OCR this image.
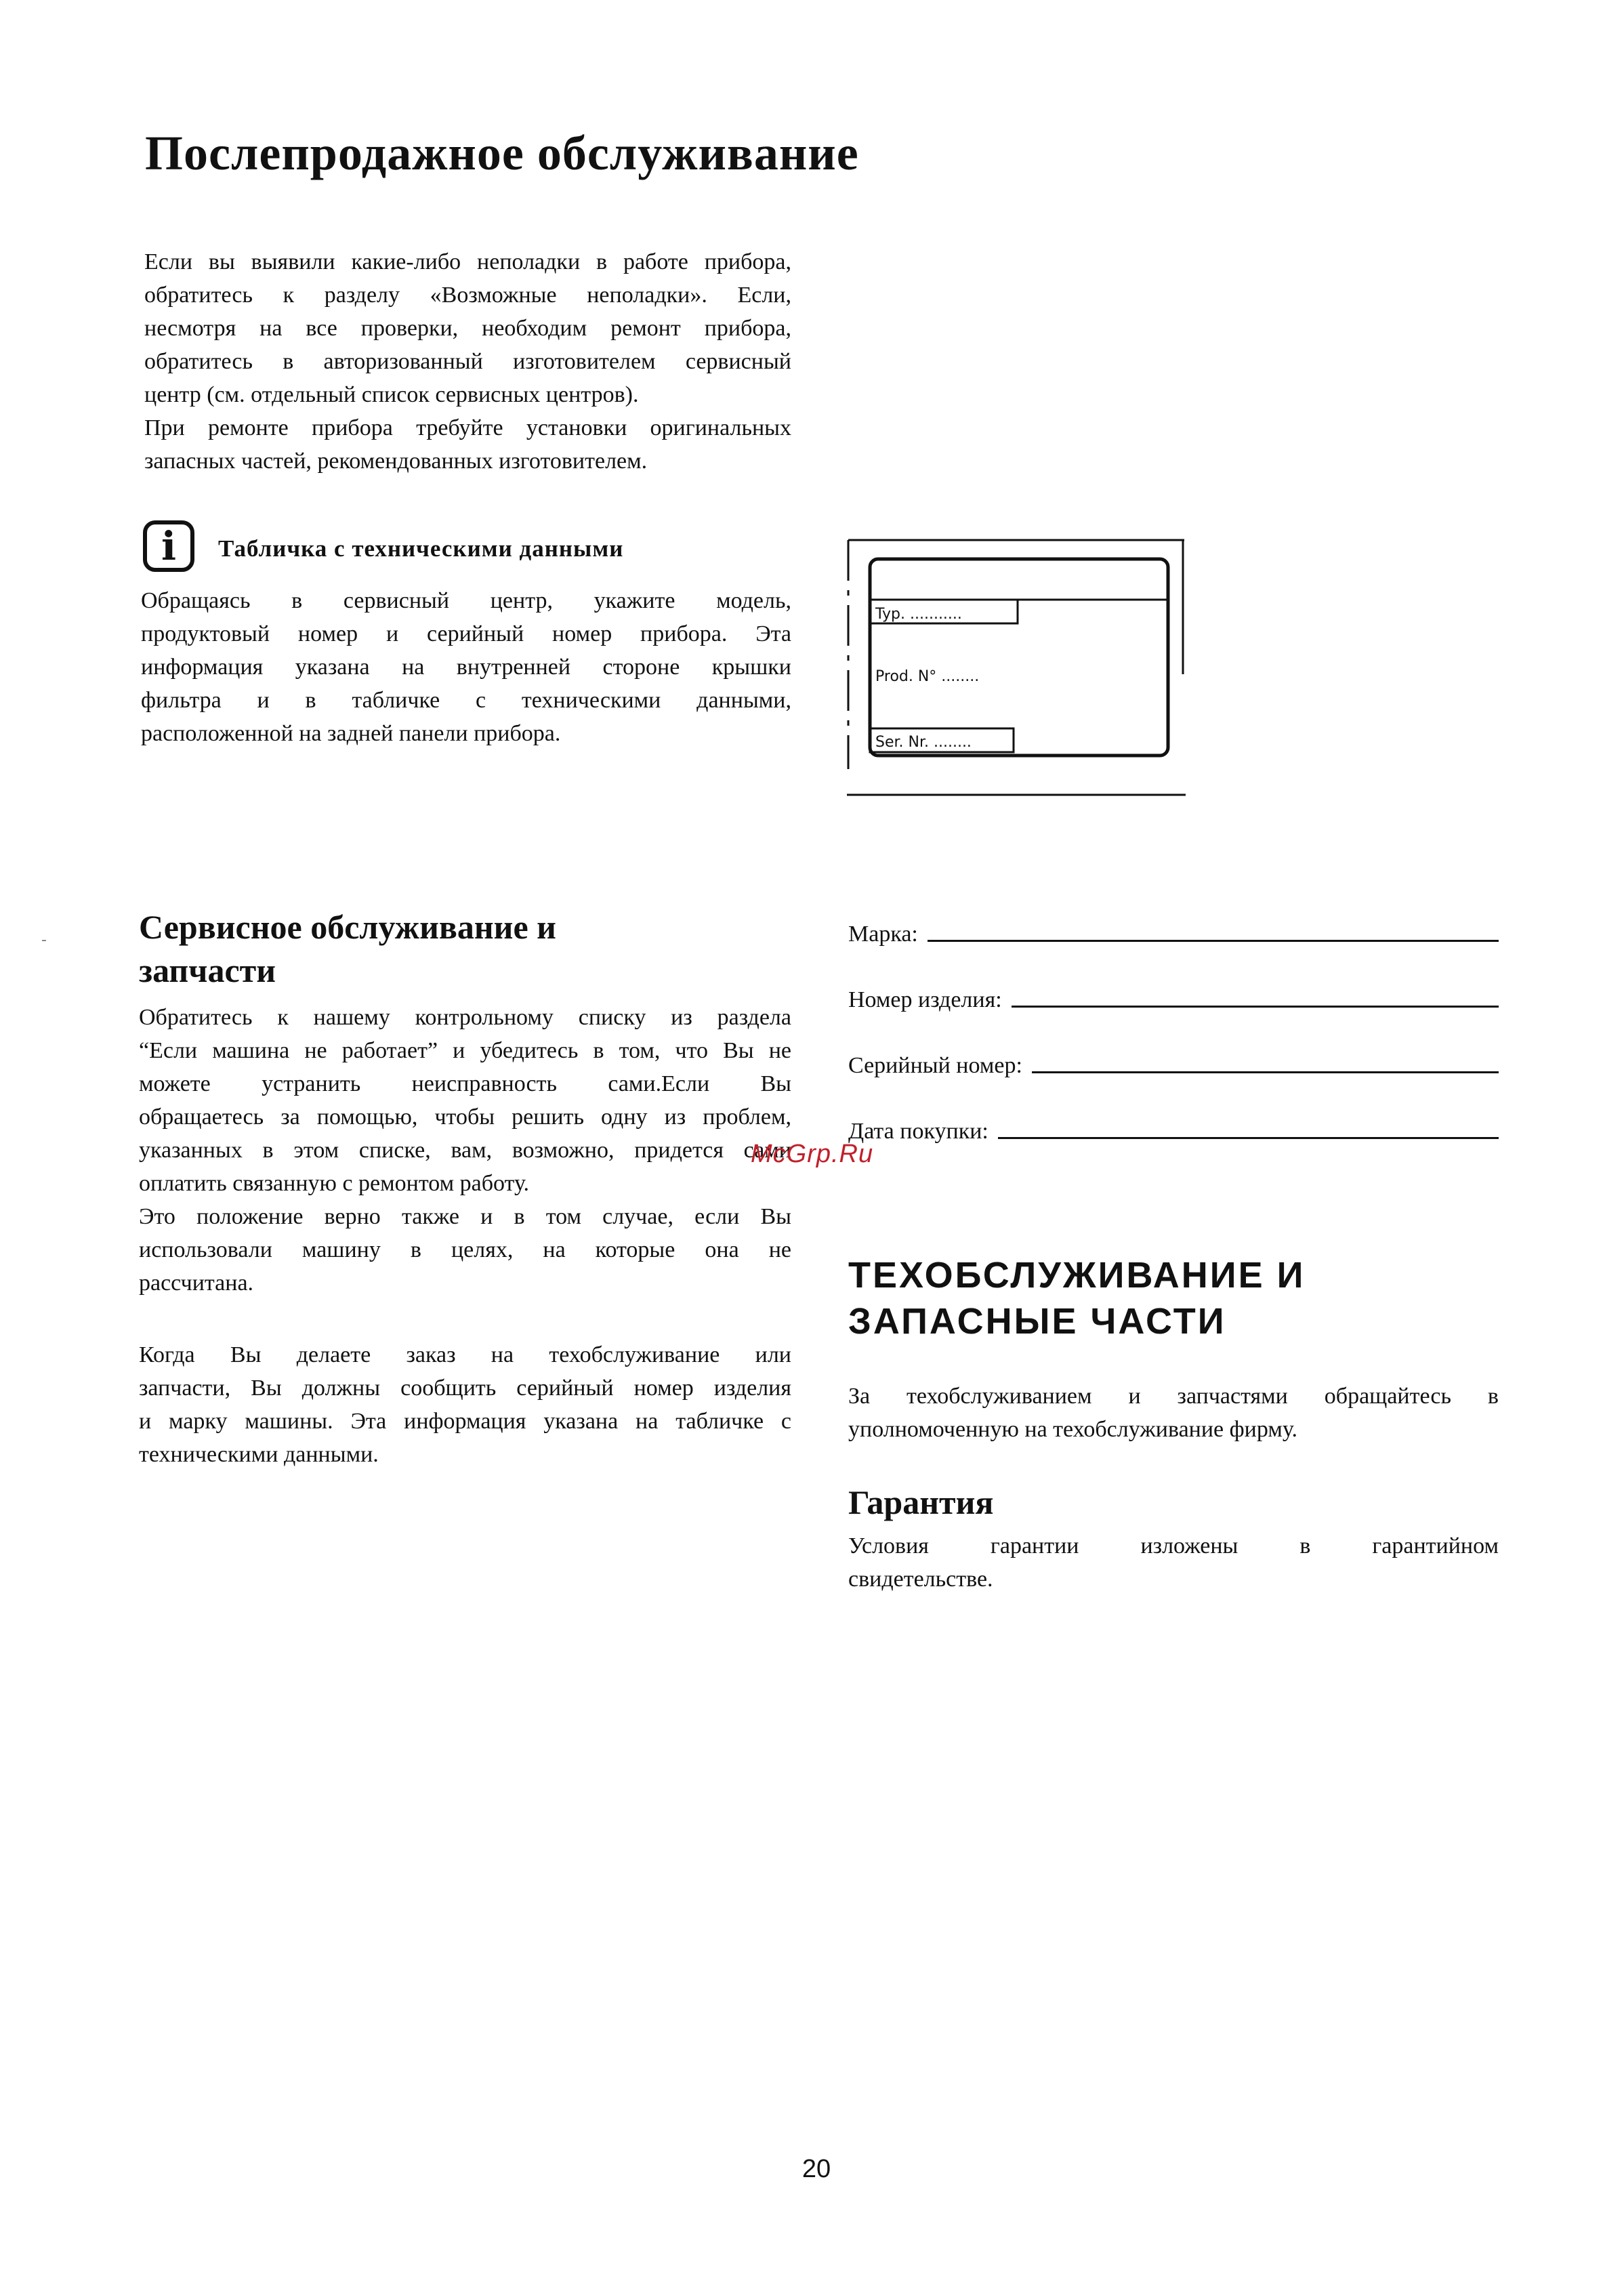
Послепродажное обслуживание

Если вы выявили какие-либо неполадки в работе прибора,

обратитесь к разделу «Возможные неполадки». Если,

несмотря на все проверки, необходим ремонт прибора,

обратитесь в авторизованный изготовителем сервисный

центр (см. отдельный список сервисных центров).

При ремонте прибора требуйте установки оригинальных

запасных частей, рекомендованных изготовителем.

i	Табличка с техническими данными

Обращаясь в сервисный центр, укажите модель,

продуктовый номер и серийный номер прибора. Эта

информация указана на внутренней стороне крышки

фильтра и в табличке с техническими данными,

расположенной на задней панели прибора.

Typ. ...........
Prod. N° ........
Ser. Nr. ........
Сервисное обслуживание и
запчасти

Обратитесь к нашему контрольному списку из раздела

“Если машина не работает” и убедитесь в том, что Вы не

можете устранить неисправность сами.Если Вы

обращаетесь за помощью, чтобы решить одну из проблем,

указанных в этом списке, вам, возможно, придется сами

оплатить связанную с ремонтом работу.

Это положение верно также и в том случае, если Вы

использовали машину в целях, на которые она не

рассчитана.

Когда Вы делаете заказ на техобслуживание или

запчасти, Вы должны сообщить серийный номер изделия

и марку машины. Эта информация указана на табличке с

техническими данными.

Марка:
Номер изделия:
Серийный номер:
Дата покупки:
McGrp.Ru
ТЕХОБСЛУЖИВАНИЕ И
ЗАПАСНЫЕ ЧАСТИ

За техобслуживанием и запчастями обращайтесь в

уполномоченную на техобслуживание фирму.

Гарантия

Условия гарантии изложены в гарантийном

свидетельстве.

20
